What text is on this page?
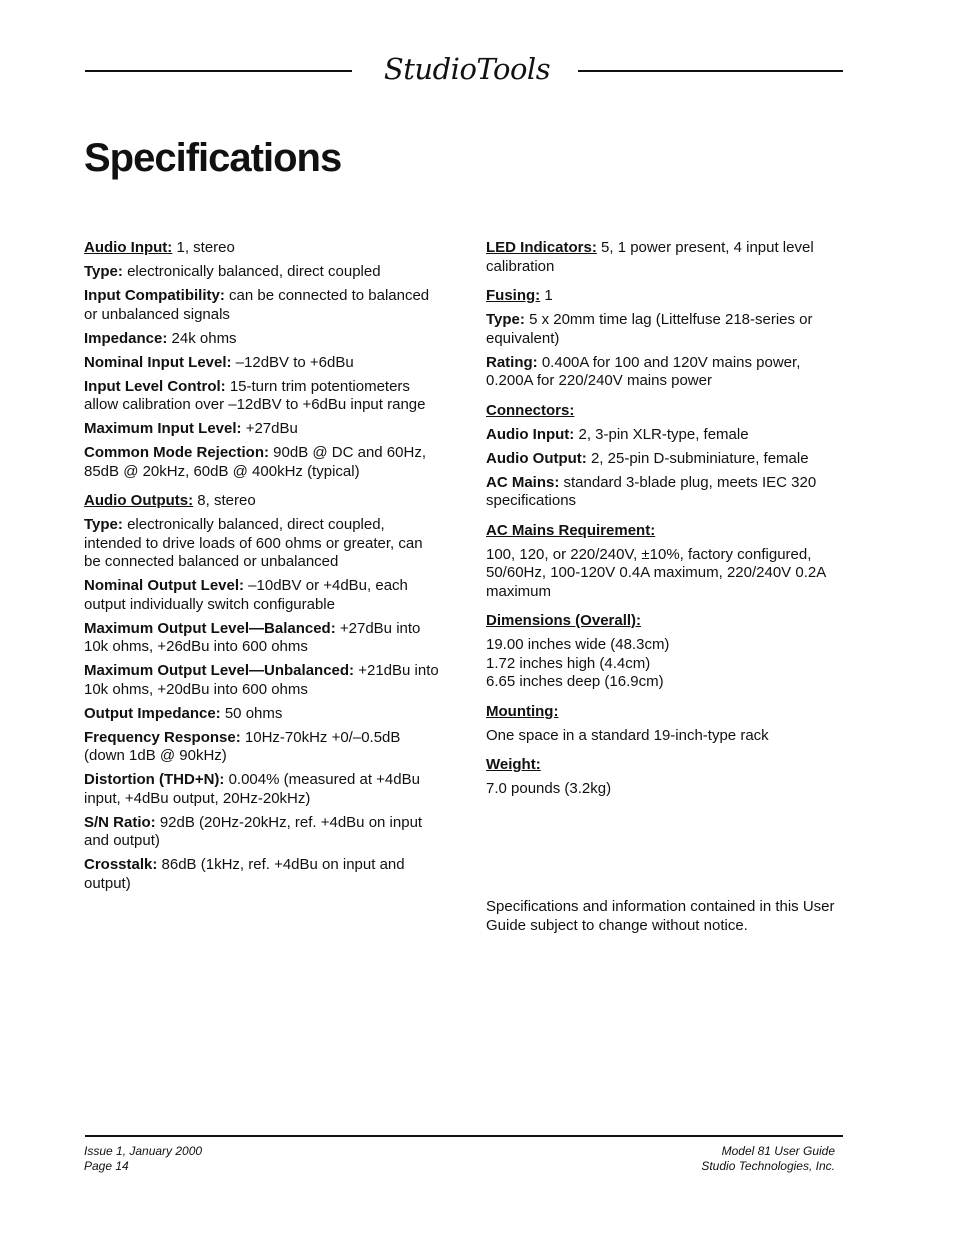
StudioTools
Specifications

Audio Input: 1, stereo

Type: electronically balanced, direct coupled

Input Compatibility: can be connected to balanced or unbalanced signals

Impedance: 24k ohms

Nominal Input Level: –12dBV to +6dBu

Input Level Control: 15-turn trim potentiometers allow calibration over –12dBV to +6dBu input range

Maximum Input Level: +27dBu

Common Mode Rejection: 90dB @ DC and 60Hz, 85dB @ 20kHz, 60dB @ 400kHz (typical)

Audio Outputs: 8, stereo

Type: electronically balanced, direct coupled, intended to drive loads of 600 ohms or greater, can be connected balanced or unbalanced

Nominal Output Level: –10dBV or +4dBu, each output individually switch configurable

Maximum Output Level—Balanced: +27dBu into 10k ohms, +26dBu into 600 ohms

Maximum Output Level—Unbalanced: +21dBu into 10k ohms, +20dBu into 600 ohms

Output Impedance: 50 ohms

Frequency Response: 10Hz-70kHz +0/–0.5dB (down 1dB @ 90kHz)

Distortion (THD+N): 0.004% (measured at +4dBu input, +4dBu output, 20Hz-20kHz)

S/N Ratio: 92dB (20Hz-20kHz, ref. +4dBu on input and output)

Crosstalk: 86dB (1kHz, ref. +4dBu on input and output)

LED Indicators: 5, 1 power present, 4 input level calibration

Fusing: 1

Type: 5 x 20mm time lag (Littelfuse 218-series or equivalent)

Rating: 0.400A for 100 and 120V mains power, 0.200A for 220/240V mains power

Connectors:

Audio Input: 2, 3-pin XLR-type, female

Audio Output: 2, 25-pin D-subminiature, female

AC Mains: standard 3-blade plug, meets IEC 320 specifications

AC Mains Requirement:

100, 120, or 220/240V, ±10%, factory configured, 50/60Hz, 100-120V 0.4A maximum, 220/240V 0.2A maximum

Dimensions (Overall):

19.00 inches wide (48.3cm)
1.72 inches high (4.4cm)
6.65 inches deep (16.9cm)

Mounting:

One space in a standard 19-inch-type rack

Weight:

7.0 pounds (3.2kg)

Specifications and information contained in this User Guide subject to change without notice.

Issue 1, January 2000
Page 14
Model 81 User Guide
Studio Technologies, Inc.
